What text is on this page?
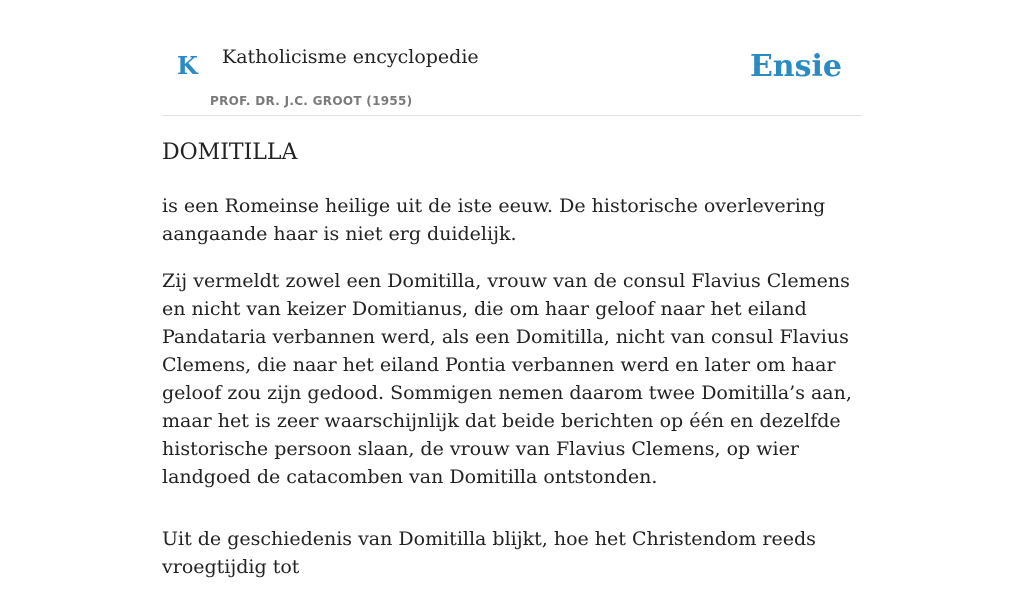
K Katholicisme encyclopedie
PROF. DR. J.C. GROOT (1955)
Ensie
DOMITILLA

is een Romeinse heilige uit de iste eeuw. De historische overlevering aangaande haar is niet erg duidelijk.

Zij vermeldt zowel een Domitilla, vrouw van de consul Flavius Clemens en nicht van keizer Domitianus, die om haar geloof naar het eiland Pandataria verbannen werd, als een Domitilla, nicht van consul Flavius Clemens, die naar het eiland Pontia verbannen werd en later om haar geloof zou zijn gedood. Sommigen nemen daarom twee Domitilla’s aan, maar het is zeer waarschijnlijk dat beide berichten op één en dezelfde historische persoon slaan, de vrouw van Flavius Clemens, op wier landgoed de catacomben van Domitilla ontstonden.

Uit de geschiedenis van Domitilla blijkt, hoe het Christendom reeds vroegtijdig tot
